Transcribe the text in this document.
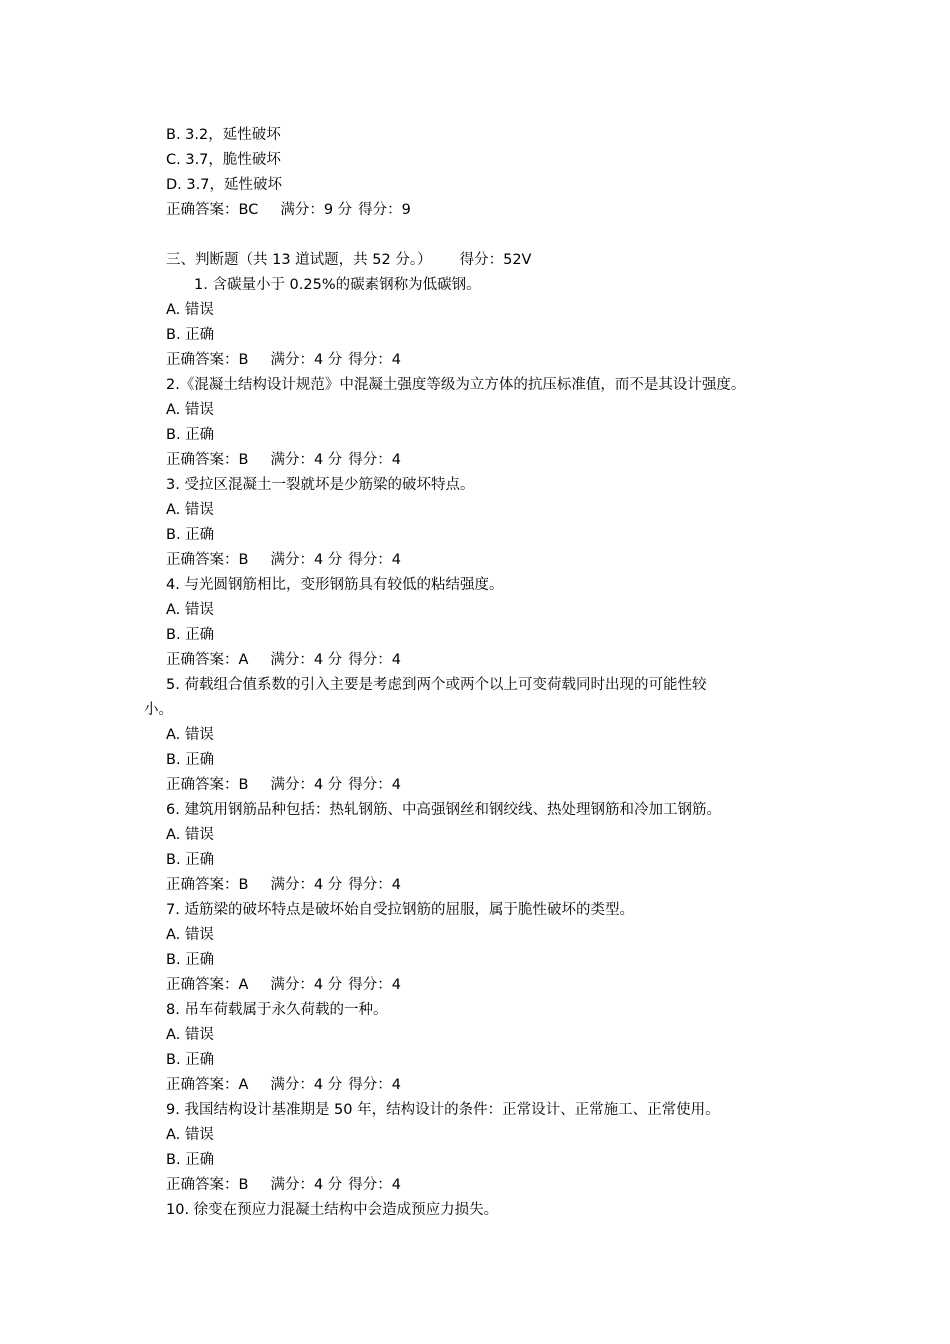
B. 3.2，延性破坏
C. 3.7，脆性破坏
D. 3.7，延性破坏
正确答案：BC 满分：9 分 得分：9
三、判断题（共 13 道试题，共 52 分。） 得分：52V
1. 含碳量小于 0.25%的碳素钢称为低碳钢。
A. 错误
B. 正确
正确答案：B 满分：4 分 得分：4
2.《混凝土结构设计规范》中混凝土强度等级为立方体的抗压标准值，而不是其设计强度。
A. 错误
B. 正确
正确答案：B 满分：4 分 得分：4
3. 受拉区混凝土一裂就坏是少筋梁的破坏特点。
A. 错误
B. 正确
正确答案：B 满分：4 分 得分：4
4. 与光圆钢筋相比，变形钢筋具有较低的粘结强度。
A. 错误
B. 正确
正确答案：A 满分：4 分 得分：4
5. 荷载组合值系数的引入主要是考虑到两个或两个以上可变荷载同时出现的可能性较
小。
A. 错误
B. 正确
正确答案：B 满分：4 分 得分：4
6. 建筑用钢筋品种包括：热轧钢筋、中高强钢丝和钢绞线、热处理钢筋和冷加工钢筋。
A. 错误
B. 正确
正确答案：B 满分：4 分 得分：4
7. 适筋梁的破坏特点是破坏始自受拉钢筋的屈服，属于脆性破坏的类型。
A. 错误
B. 正确
正确答案：A 满分：4 分 得分：4
8. 吊车荷载属于永久荷载的一种。
A. 错误
B. 正确
正确答案：A 满分：4 分 得分：4
9. 我国结构设计基准期是 50 年，结构设计的条件：正常设计、正常施工、正常使用。
A. 错误
B. 正确
正确答案：B 满分：4 分 得分：4
10. 徐变在预应力混凝土结构中会造成预应力损失。
